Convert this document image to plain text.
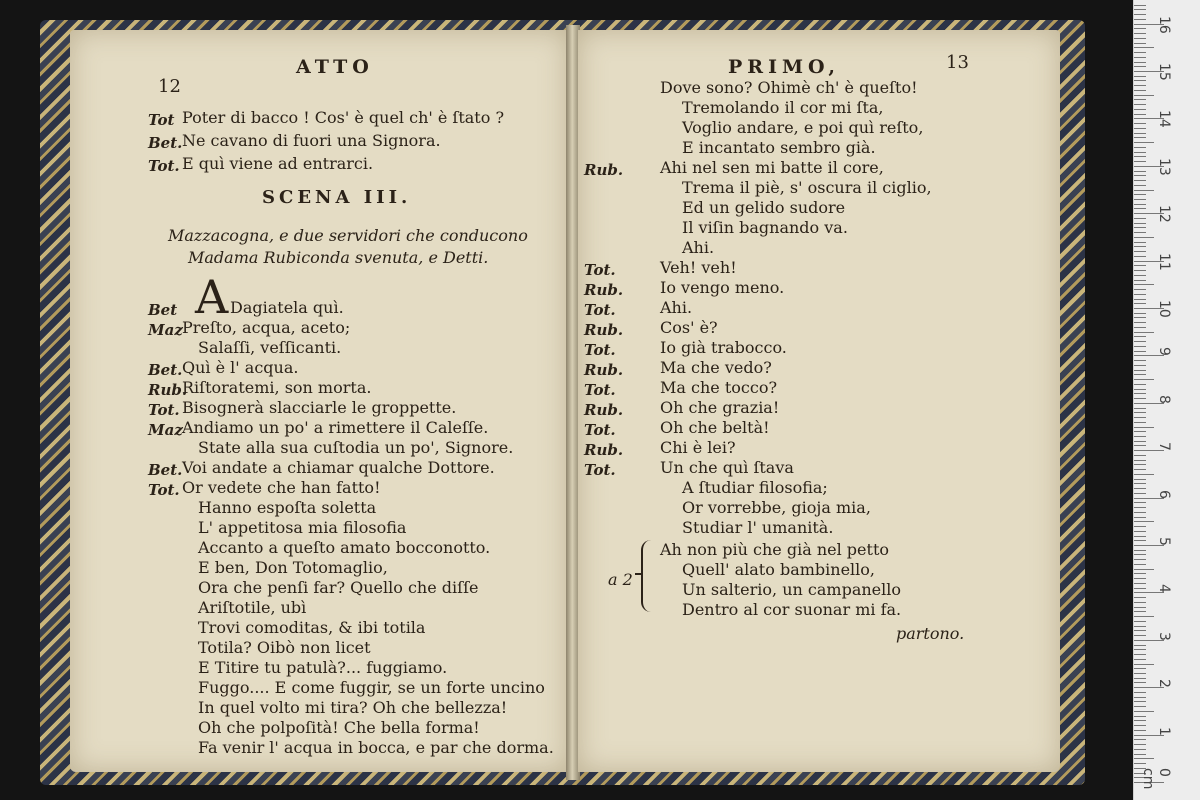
12
ATTO
Tot Poter di bacco ! Cos' è quel ch' è ſtato ?
Bet. Ne cavano di fuori una Signora.
Tot. E quì viene ad entrarci.
SCENA III.
Mazzacogna, e due servidori che conducono
Madama Rubiconda svenuta, e Detti.
A
Bet	Dagiatela quì.
Maz Preſto, acqua, aceto;
Salaſſi, veſſicanti.
Bet. Quì è l' acqua.
Rub.
Riſtoratemi, son morta.
Tot. Bisognerà slacciarle le groppette.
Maz Andiamo un po' a rimettere il Caleſſe.
State alla sua cuſtodia un po', Signore.
Bet. Voi andate a chiamar qualche Dottore.
Tot. Or vedete che han fatto!
Hanno espoſta soletta
L' appetitosa mia filosofia
Accanto a queſto amato bocconotto.
E ben, Don Totomaglio,
Ora che penſi far? Quello che diſſe
Ariſtotile, ubì
Trovi comoditas, & ibi totila
Totila? Oibò non licet
E Titire tu patulà?... fuggiamo.
Fuggo.... E come fuggir, se un forte uncino
In quel volto mi tira? Oh che bellezza!
Oh che polpoſità! Che bella forma!
Fa venir l' acqua in bocca, e par che dorma.
PRIMO,	13
Dove sono? Ohimè ch' è queſto!
Tremolando il cor mi ſta,
Voglio andare, e poi quì reſto,
E incantato sembro già.
Rub. Ahi nel sen mi batte il core,
Trema il piè, s' oscura il ciglio,
Ed un gelido sudore
Il viſin bagnando va.
Ahi.
Tot.	Veh! veh!
Rub. Io vengo meno.
Tot.	Ahi.
Rub. Cos' è?
Tot.	Io già trabocco.
Rub. Ma che vedo?
Tot.	Ma che tocco?
Rub. Oh che grazia!
Tot.	Oh che beltà!
Rub. Chi è lei?
Tot.	Un che quì ſtava
A ſtudiar filosofia;
Or vorrebbe, gioja mia,
Studiar l' umanità.
Ah non più che già nel petto
Quell' alato bambinello,
Un salterio, un campanello
Dentro al cor suonar mi fa.
a 2
partono.
1
2
3
4
5
6
7
8
9
10
11
12
13
14
15
16
0 cm
